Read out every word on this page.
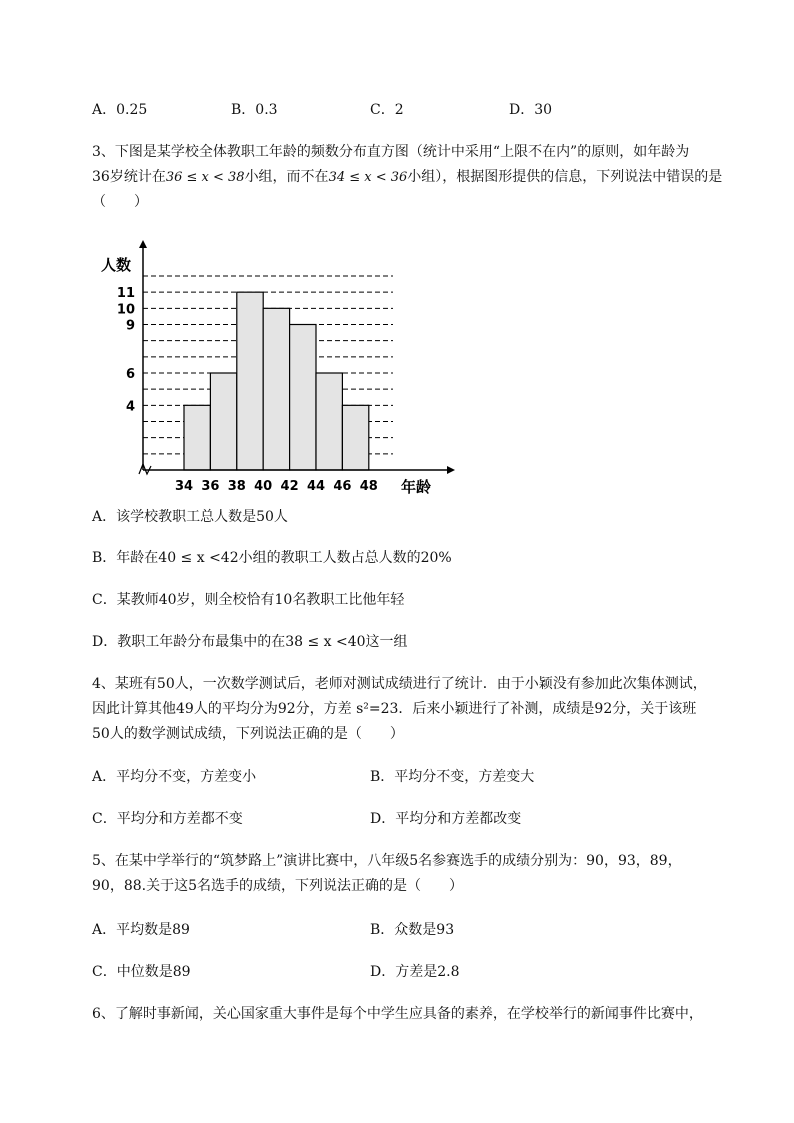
A．0.25	B．0.3	C．2	D．30
3、下图是某学校全体教职工年龄的频数分布直方图（统计中采用“上限不在内”的原则，如年龄为
36岁统计在36 ≤ x < 38小组，而不在34 ≤ x < 36小组），根据图形提供的信息，下列说法中错误的是
（　　）
4
6
9
10
11
34 36 38 40 42 44 46 48
人数
年龄
A．该学校教职工总人数是50人
B．年龄在40 ≤ x <42小组的教职工人数占总人数的20%
C．某教师40岁，则全校恰有10名教职工比他年轻
D．教职工年龄分布最集中的在38 ≤ x <40这一组
4、某班有50人，一次数学测试后，老师对测试成绩进行了统计．由于小颖没有参加此次集体测试，
因此计算其他49人的平均分为92分，方差 s²=23．后来小颖进行了补测，成绩是92分，关于该班
50人的数学测试成绩，下列说法正确的是（　　）
A．平均分不变，方差变小	B．平均分不变，方差变大
C．平均分和方差都不变	D．平均分和方差都改变
5、在某中学举行的“筑梦路上”演讲比赛中，八年级5名参赛选手的成绩分别为：90，93，89，
90，88.关于这5名选手的成绩，下列说法正确的是（　　）
A．平均数是89	B．众数是93
C．中位数是89	D．方差是2.8
6、了解时事新闻，关心国家重大事件是每个中学生应具备的素养，在学校举行的新闻事件比赛中，
